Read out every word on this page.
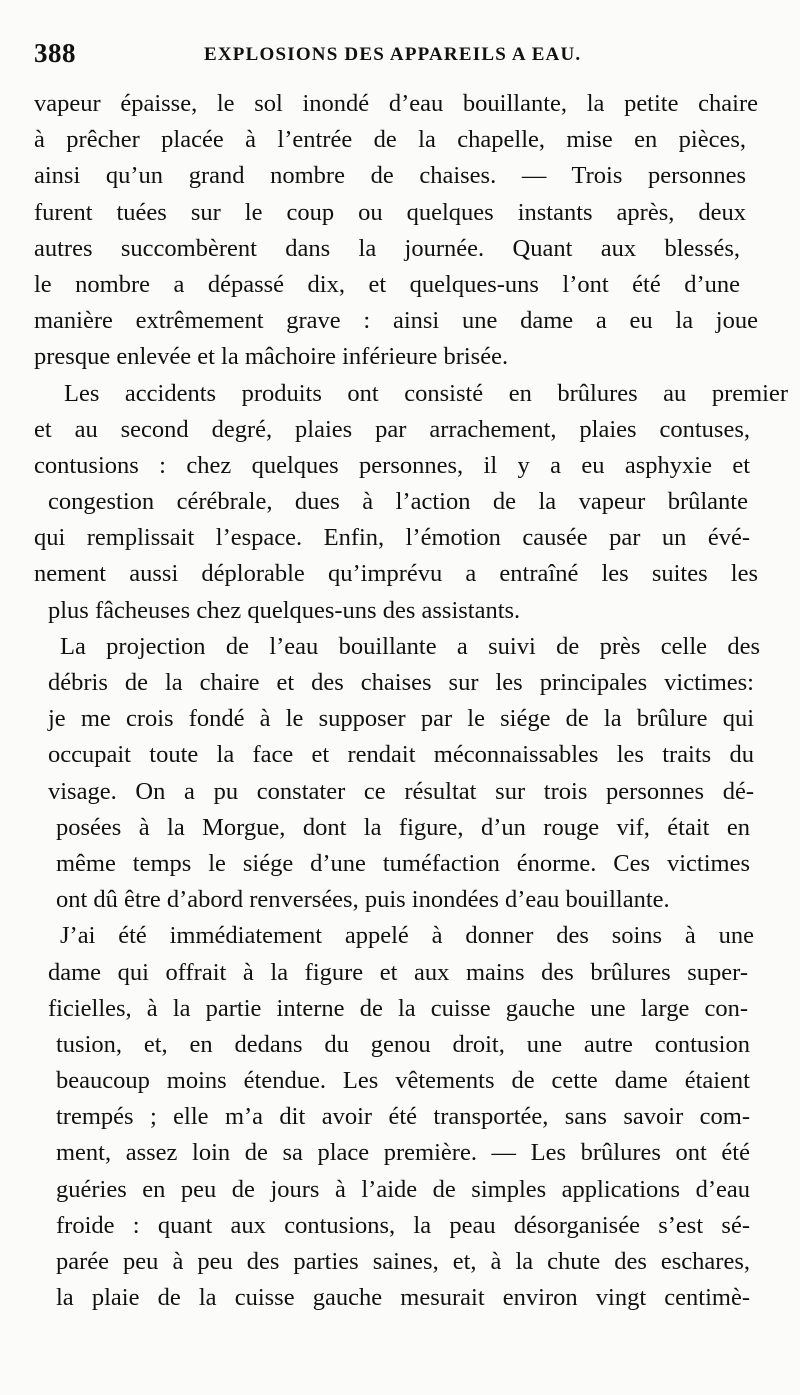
388	EXPLOSIONS DES APPAREILS A EAU.
vapeur épaisse, le sol inondé d’eau bouillante, la petite chaire
à prêcher placée à l’entrée de la chapelle, mise en pièces,
ainsi qu’un grand nombre de chaises. — Trois personnes
furent tuées sur le coup ou quelques instants après, deux
autres succombèrent dans la journée. Quant aux blessés,
le nombre a dépassé dix, et quelques-uns l’ont été d’une
manière extrêmement grave : ainsi une dame a eu la joue
presque enlevée et la mâchoire inférieure brisée.
Les accidents produits ont consisté en brûlures au premier
et au second degré, plaies par arrachement, plaies contuses,
contusions : chez quelques personnes, il y a eu asphyxie et
congestion cérébrale, dues à l’action de la vapeur brûlante
qui remplissait l’espace. Enfin, l’émotion causée par un évé-
nement aussi déplorable qu’imprévu a entraîné les suites les
plus fâcheuses chez quelques-uns des assistants.
La projection de l’eau bouillante a suivi de près celle des
débris de la chaire et des chaises sur les principales victimes:
je me crois fondé à le supposer par le siége de la brûlure qui
occupait toute la face et rendait méconnaissables les traits du
visage. On a pu constater ce résultat sur trois personnes dé-
posées à la Morgue, dont la figure, d’un rouge vif, était en
même temps le siége d’une tuméfaction énorme. Ces victimes
ont dû être d’abord renversées, puis inondées d’eau bouillante.
J’ai été immédiatement appelé à donner des soins à une
dame qui offrait à la figure et aux mains des brûlures super-
ficielles, à la partie interne de la cuisse gauche une large con-
tusion, et, en dedans du genou droit, une autre contusion
beaucoup moins étendue. Les vêtements de cette dame étaient
trempés ; elle m’a dit avoir été transportée, sans savoir com-
ment, assez loin de sa place première. — Les brûlures ont été
guéries en peu de jours à l’aide de simples applications d’eau
froide : quant aux contusions, la peau désorganisée s’est sé-
parée peu à peu des parties saines, et, à la chute des eschares,
la plaie de la cuisse gauche mesurait environ vingt centimè-
